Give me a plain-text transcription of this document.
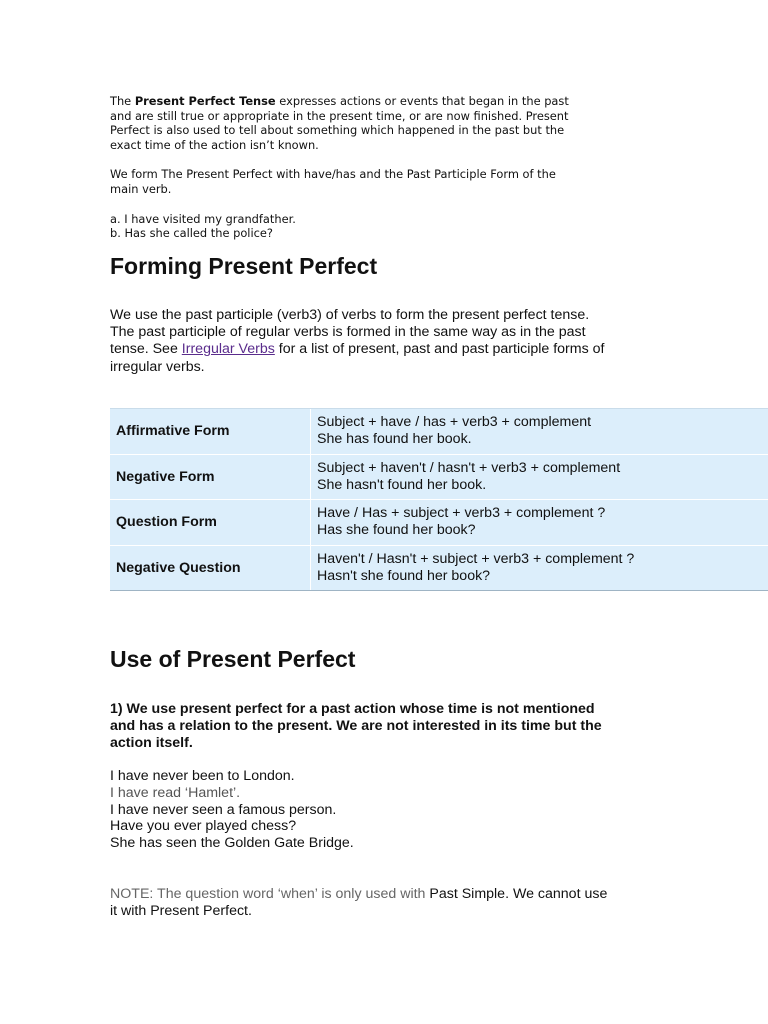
The Present Perfect Tense expresses actions or events that began in the past
and are still true or appropriate in the present time, or are now finished. Present
Perfect is also used to tell about something which happened in the past but the
exact time of the action isn’t known.

We form The Present Perfect with have/has and the Past Participle Form of the
main verb.

a. I have visited my grandfather.
b. Has she called the police?

Forming Present Perfect

We use the past participle (verb3) of verbs to form the present perfect tense.
The past participle of regular verbs is formed in the same way as in the past
tense. See Irregular Verbs for a list of present, past and past participle forms of
irregular verbs.

Affirmative Form
Subject + have / has + verb3 + complement
She has found her book.
Negative Form
Subject + haven't / hasn't + verb3 + complement
She hasn't found her book.
Question Form
Have / Has + subject + verb3 + complement ?
Has she found her book?
Negative Question
Haven't / Hasn't + subject + verb3 + complement ?
Hasn't she found her book?
Use of Present Perfect

1) We use present perfect for a past action whose time is not mentioned
and has a relation to the present. We are not interested in its time but the
action itself.

I have never been to London.
I have read ‘Hamlet’.
I have never seen a famous person.
Have you ever played chess?
She has seen the Golden Gate Bridge.

NOTE: The question word ‘when’ is only used with Past Simple. We cannot use
it with Present Perfect.
